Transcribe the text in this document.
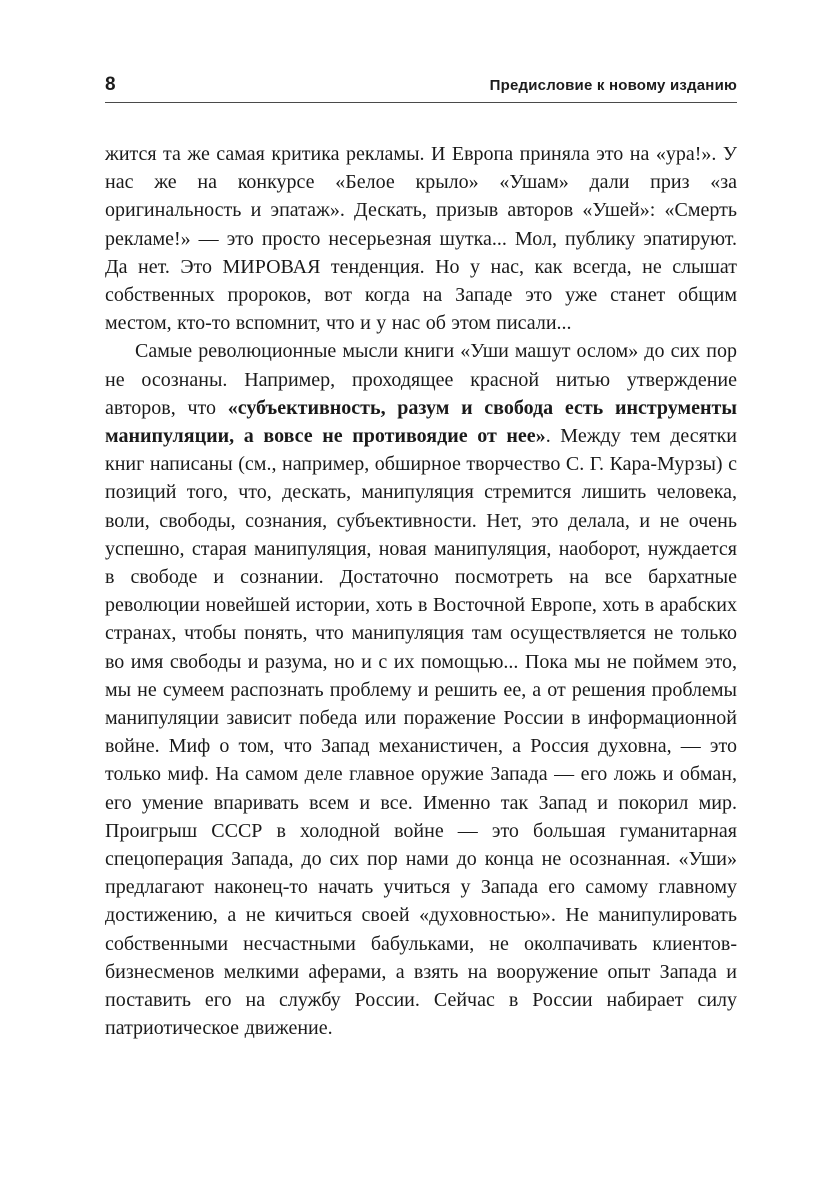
8	Предисловие к новому изданию

жится та же самая критика рекламы. И Европа приняла это на «ура!». У нас же на конкурсе «Белое крыло» «Ушам» дали приз «за оригинальность и эпатаж». Дескать, призыв авторов «Ушей»: «Смерть рекламе!» — это просто несерьезная шутка... Мол, публику эпатируют. Да нет. Это МИРОВАЯ тенденция. Но у нас, как всегда, не слышат собственных пророков, вот когда на Западе это уже станет общим местом, кто-то вспомнит, что и у нас об этом писали...

Самые революционные мысли книги «Уши машут ослом» до сих пор не осознаны. Например, проходящее красной нитью утверждение авторов, что «субъективность, разум и свобода есть инструменты манипуляции, а вовсе не противоядие от нее». Между тем десятки книг написаны (см., например, обширное творчество С. Г. Кара-Мурзы) с позиций того, что, дескать, манипуляция стремится лишить человека, воли, свободы, сознания, субъективности. Нет, это делала, и не очень успешно, старая манипуляция, новая манипуляция, наоборот, нуждается в свободе и сознании. Достаточно посмотреть на все бархатные революции новейшей истории, хоть в Восточной Европе, хоть в арабских странах, чтобы понять, что манипуляция там осуществляется не только во имя свободы и разума, но и с их помощью... Пока мы не поймем это, мы не сумеем распознать проблему и решить ее, а от решения проблемы манипуляции зависит победа или поражение России в информационной войне. Миф о том, что Запад механистичен, а Россия духовна, — это только миф. На самом деле главное оружие Запада — его ложь и обман, его умение впаривать всем и все. Именно так Запад и покорил мир. Проигрыш СССР в холодной войне — это большая гуманитарная спецоперация Запада, до сих пор нами до конца не осознанная. «Уши» предлагают наконец-то начать учиться у Запада его самому главному достижению, а не кичиться своей «духовностью». Не манипулировать собственными несчастными бабульками, не околпачивать клиентов-бизнесменов мелкими аферами, а взять на вооружение опыт Запада и поставить его на службу России. Сейчас в России набирает силу патриотическое движение.
